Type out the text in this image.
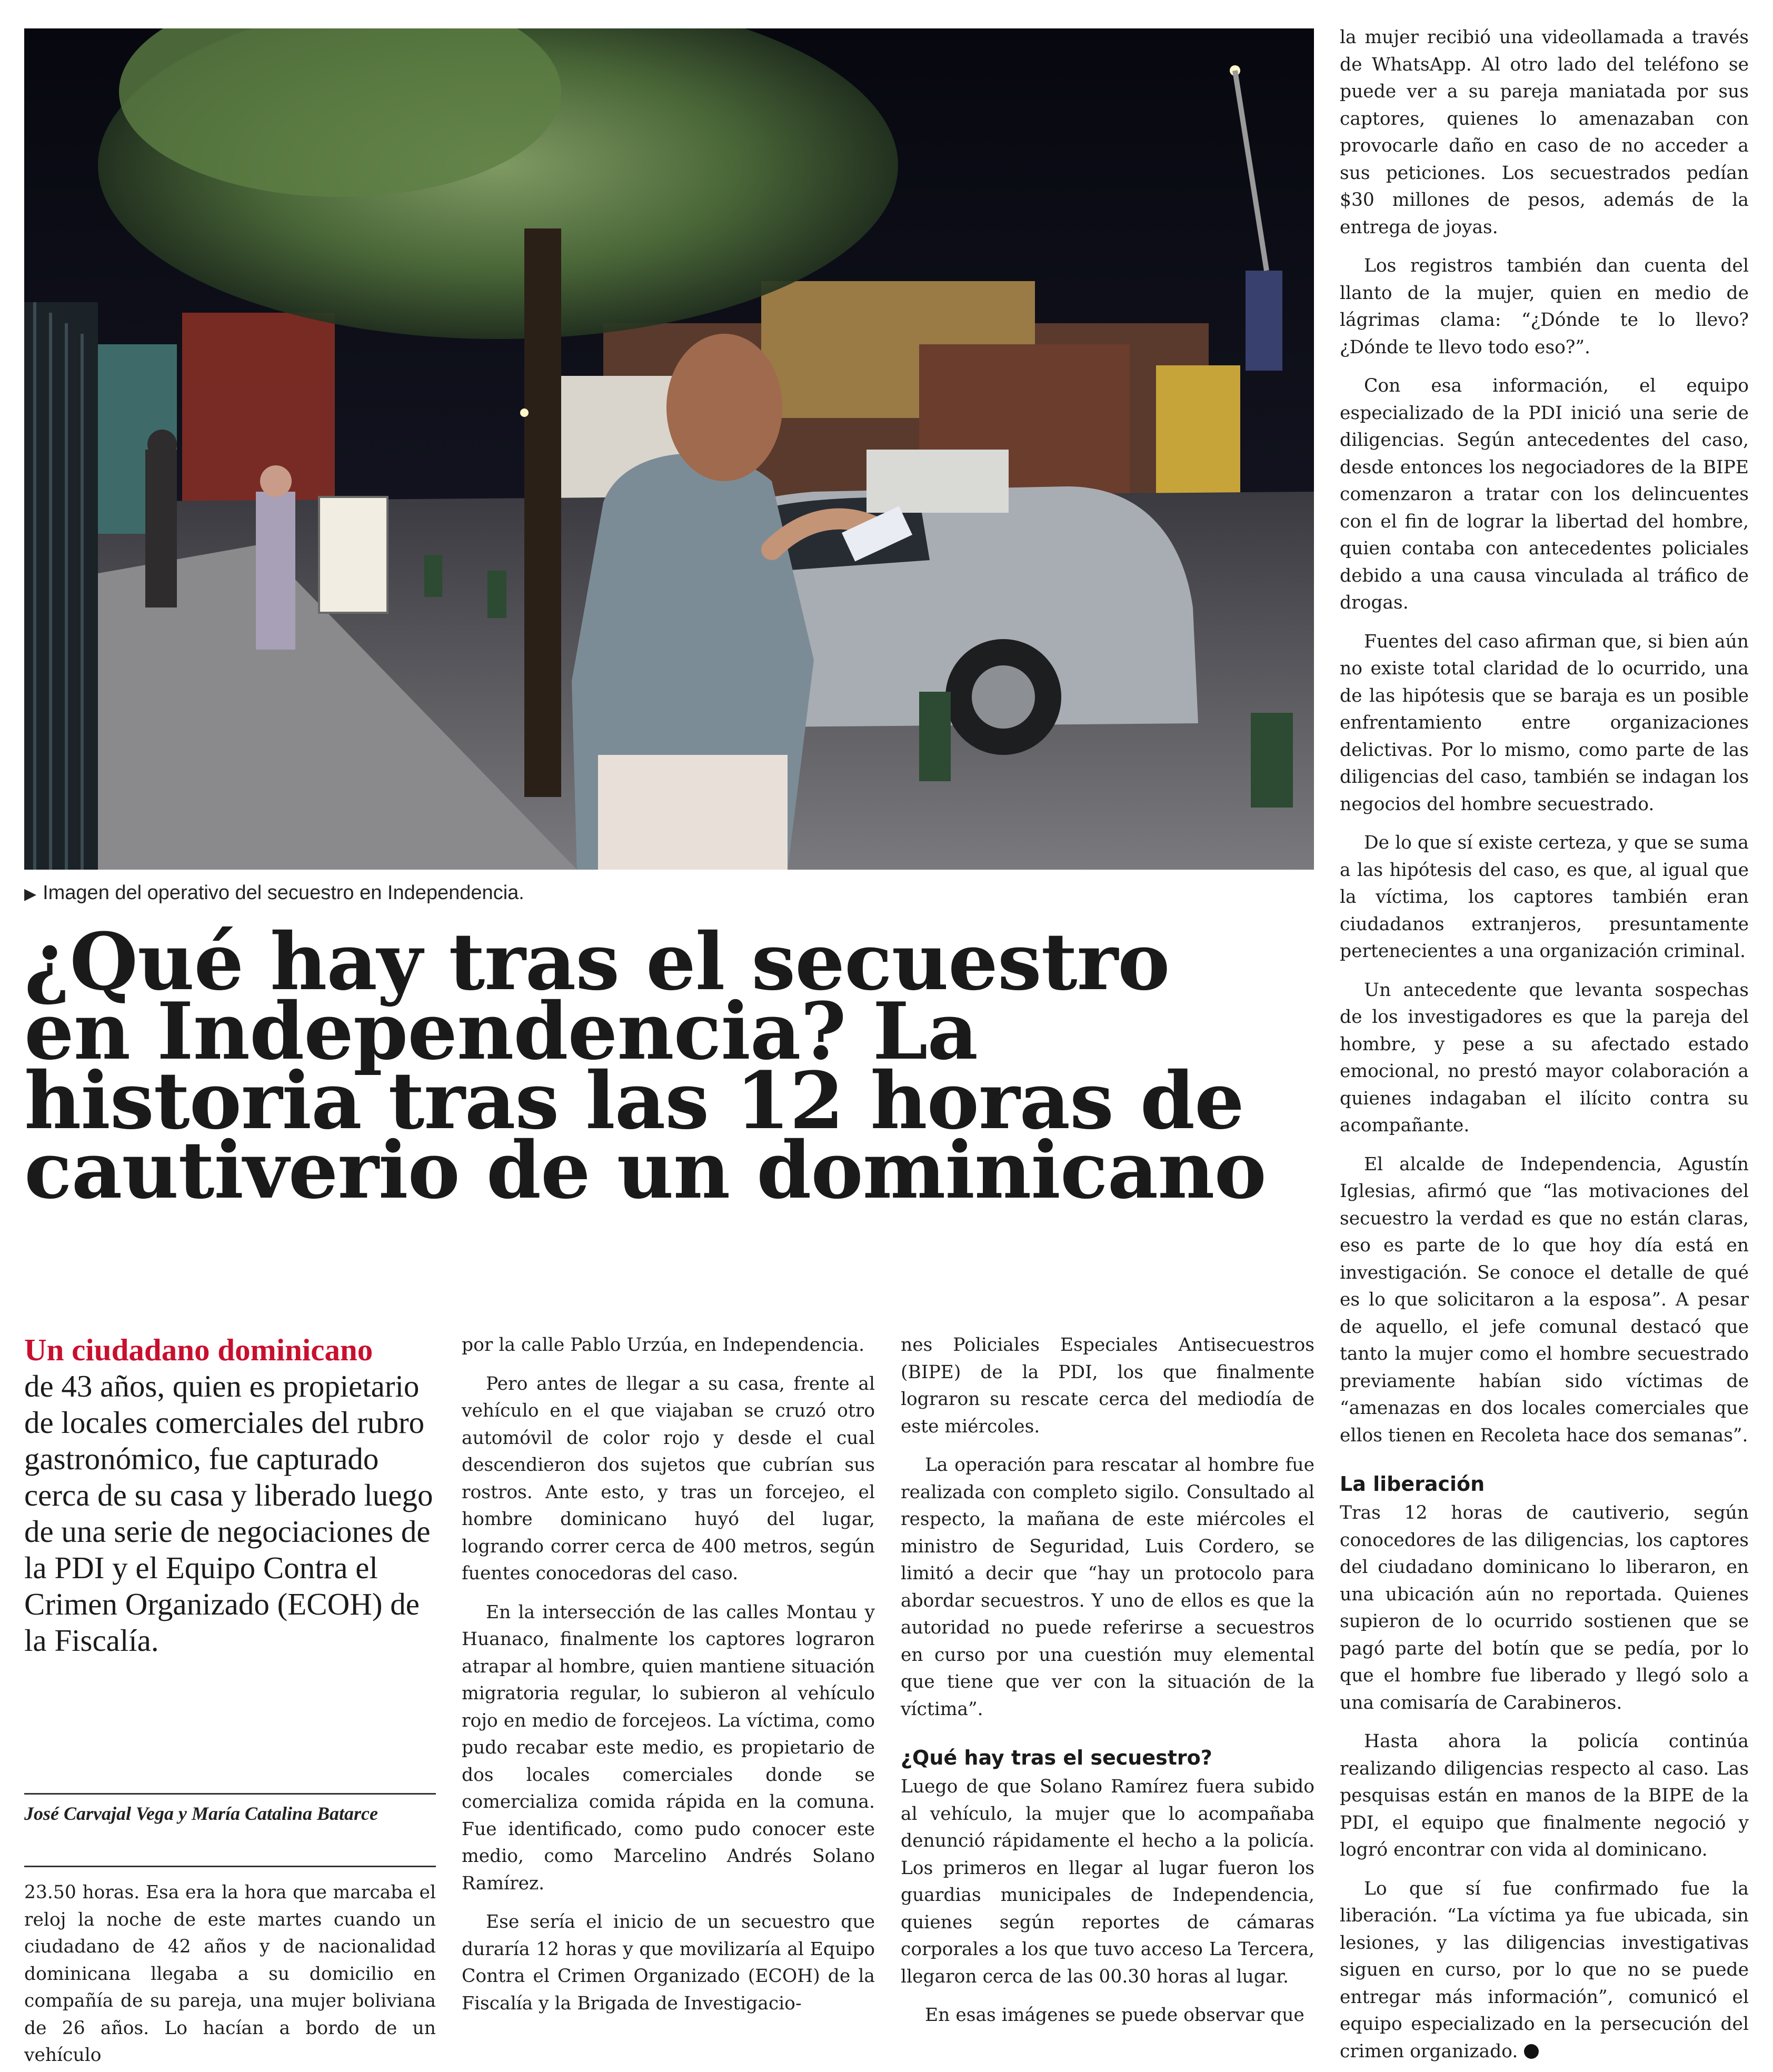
▶ Imagen del operativo del secuestro en Independencia.
¿Qué hay tras el secuestro
en Independencia? La
historia tras las 12 horas de
cautiverio de un dominicano
Un ciudadano dominicano
de 43 años, quien es propietario de locales comerciales del rubro gastronómico, fue capturado cerca de su casa y liberado luego de una serie de negociaciones de la PDI y el Equipo Contra el Crimen Organizado (ECOH) de la Fiscalía.
José Carvajal Vega y María Catalina Batarce

23.50 horas. Esa era la hora que marcaba el reloj la noche de este martes cuando un ciudadano de 42 años y de nacionalidad dominicana llegaba a su domicilio en compañía de su pareja, una mujer boliviana de 26 años. Lo hacían a bordo de un vehículo

por la calle Pablo Urzúa, en Independencia.

Pero antes de llegar a su casa, frente al vehículo en el que viajaban se cruzó otro automóvil de color rojo y desde el cual descendieron dos sujetos que cubrían sus rostros. Ante esto, y tras un forcejeo, el hombre dominicano huyó del lugar, logrando correr cerca de 400 metros, según fuentes conocedoras del caso.

En la intersección de las calles Montau y Huanaco, finalmente los captores lograron atrapar al hombre, quien mantiene situación migratoria regular, lo subieron al vehículo rojo en medio de forcejeos. La víctima, como pudo recabar este medio, es propietario de dos locales comerciales donde se comercializa comida rápida en la comuna. Fue identificado, como pudo conocer este medio, como Marcelino Andrés Solano Ramírez.

Ese sería el inicio de un secuestro que duraría 12 horas y que movilizaría al Equipo Contra el Crimen Organizado (ECOH) de la Fiscalía y la Brigada de Investigacio-

nes Policiales Especiales Antisecuestros (BIPE) de la PDI, los que finalmente lograron su rescate cerca del mediodía de este miércoles.

La operación para rescatar al hombre fue realizada con completo sigilo. Consultado al respecto, la mañana de este miércoles el ministro de Seguridad, Luis Cordero, se limitó a decir que “hay un protocolo para abordar secuestros. Y uno de ellos es que la autoridad no puede referirse a secuestros en curso por una cuestión muy elemental que tiene que ver con la situación de la víctima”.

¿Qué hay tras el secuestro?

Luego de que Solano Ramírez fuera subido al vehículo, la mujer que lo acompañaba denunció rápidamente el hecho a la policía. Los primeros en llegar al lugar fueron los guardias municipales de Independencia, quienes según reportes de cámaras corporales a los que tuvo acceso La Tercera, llegaron cerca de las 00.30 horas al lugar.

En esas imágenes se puede observar que

la mujer recibió una videollamada a través de WhatsApp. Al otro lado del teléfono se puede ver a su pareja maniatada por sus captores, quienes lo amenazaban con provocarle daño en caso de no acceder a sus peticiones. Los secuestrados pedían $30 millones de pesos, además de la entrega de joyas.

Los registros también dan cuenta del llanto de la mujer, quien en medio de lágrimas clama: “¿Dónde te lo llevo? ¿Dónde te llevo todo eso?”.

Con esa información, el equipo especializado de la PDI inició una serie de diligencias. Según antecedentes del caso, desde entonces los negociadores de la BIPE comenzaron a tratar con los delincuentes con el fin de lograr la libertad del hombre, quien contaba con antecedentes policiales debido a una causa vinculada al tráfico de drogas.

Fuentes del caso afirman que, si bien aún no existe total claridad de lo ocurrido, una de las hipótesis que se baraja es un posible enfrentamiento entre organizaciones delictivas. Por lo mismo, como parte de las diligencias del caso, también se indagan los negocios del hombre secuestrado.

De lo que sí existe certeza, y que se suma a las hipótesis del caso, es que, al igual que la víctima, los captores también eran ciudadanos extranjeros, presuntamente pertenecientes a una organización criminal.

Un antecedente que levanta sospechas de los investigadores es que la pareja del hombre, y pese a su afectado estado emocional, no prestó mayor colaboración a quienes indagaban el ilícito contra su acompañante.

El alcalde de Independencia, Agustín Iglesias, afirmó que “las motivaciones del secuestro la verdad es que no están claras, eso es parte de lo que hoy día está en investigación. Se conoce el detalle de qué es lo que solicitaron a la esposa”. A pesar de aquello, el jefe comunal destacó que tanto la mujer como el hombre secuestrado previamente habían sido víctimas de “amenazas en dos locales comerciales que ellos tienen en Recoleta hace dos semanas”.

La liberación

Tras 12 horas de cautiverio, según conocedores de las diligencias, los captores del ciudadano dominicano lo liberaron, en una ubicación aún no reportada. Quienes supieron de lo ocurrido sostienen que se pagó parte del botín que se pedía, por lo que el hombre fue liberado y llegó solo a una comisaría de Carabineros.

Hasta ahora la policía continúa realizando diligencias respecto al caso. Las pesquisas están en manos de la BIPE de la PDI, el equipo que finalmente negoció y logró encontrar con vida al dominicano.

Lo que sí fue confirmado fue la liberación. “La víctima ya fue ubicada, sin lesiones, y las diligencias investigativas siguen en curso, por lo que no se puede entregar más información”, comunicó el equipo especializado en la persecución del crimen organizado.
